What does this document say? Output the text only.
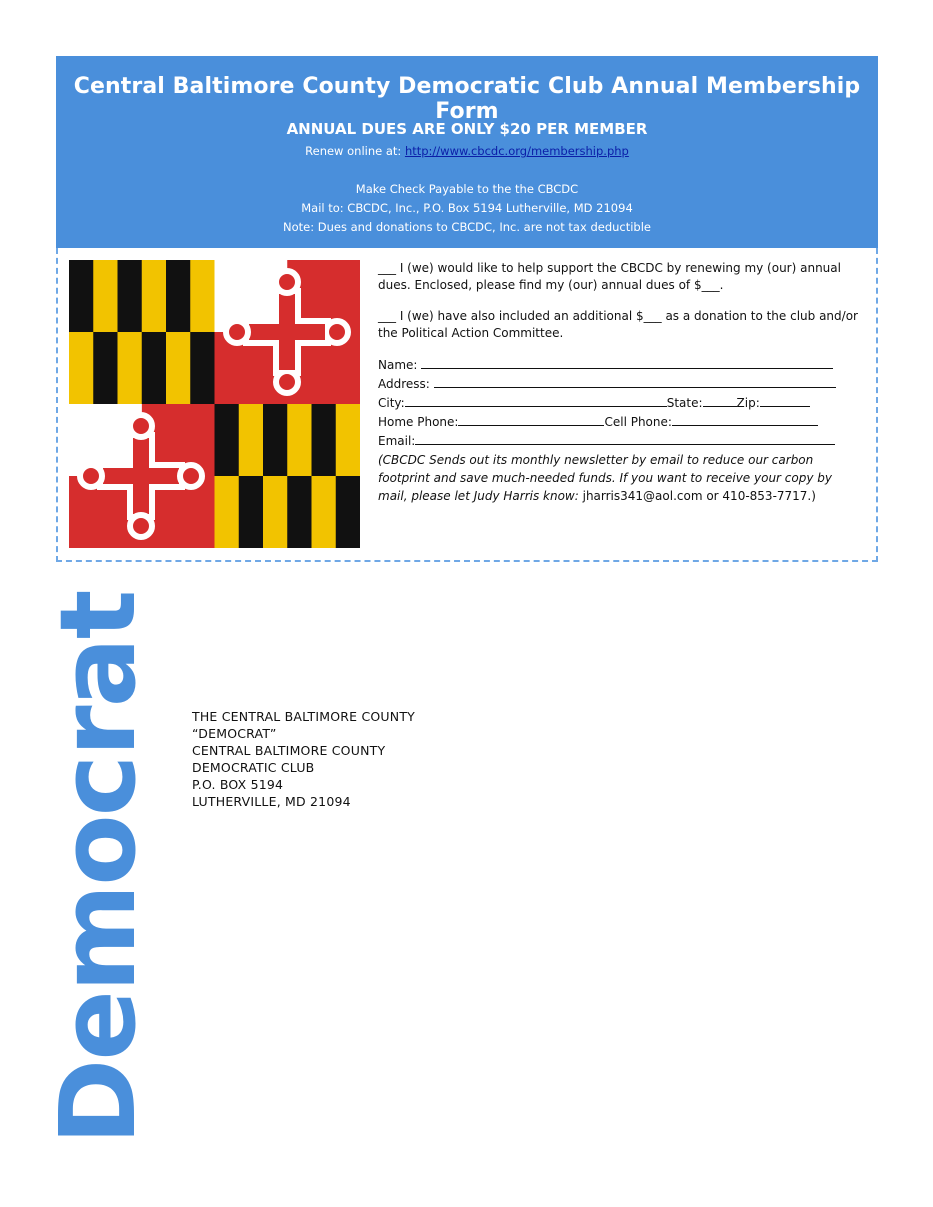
Central Baltimore County Democratic Club Annual Membership Form
ANNUAL DUES ARE ONLY $20 PER MEMBER
Renew online at: http://www.cbcdc.org/membership.php
Make Check Payable to the the CBCDC
Mail to: CBCDC, Inc., P.O. Box 5194 Lutherville, MD 21094
Note: Dues and donations to CBCDC, Inc. are not tax deductible

___ I (we) would like to help support the CBCDC by renewing my (our) annual dues. Enclosed, please find my (our) annual dues of $___.

___ I (we) have also included an additional $___ as a donation to the club and/or the Political Action Committee.

Name:
Address:
City:	State:	Zip:
Home Phone:	Cell Phone:
Email:

(CBCDC Sends out its monthly newsletter by email to reduce our carbon footprint and save much-needed funds. If you want to receive your copy by mail, please let Judy Harris know: jharris341@aol.com or 410-853-7717.)

Democrat	THE CENTRAL BALTIMORE COUNTY
“DEMOCRAT”
CENTRAL BALTIMORE COUNTY
DEMOCRATIC CLUB
P.O. BOX 5194
LUTHERVILLE, MD 21094
